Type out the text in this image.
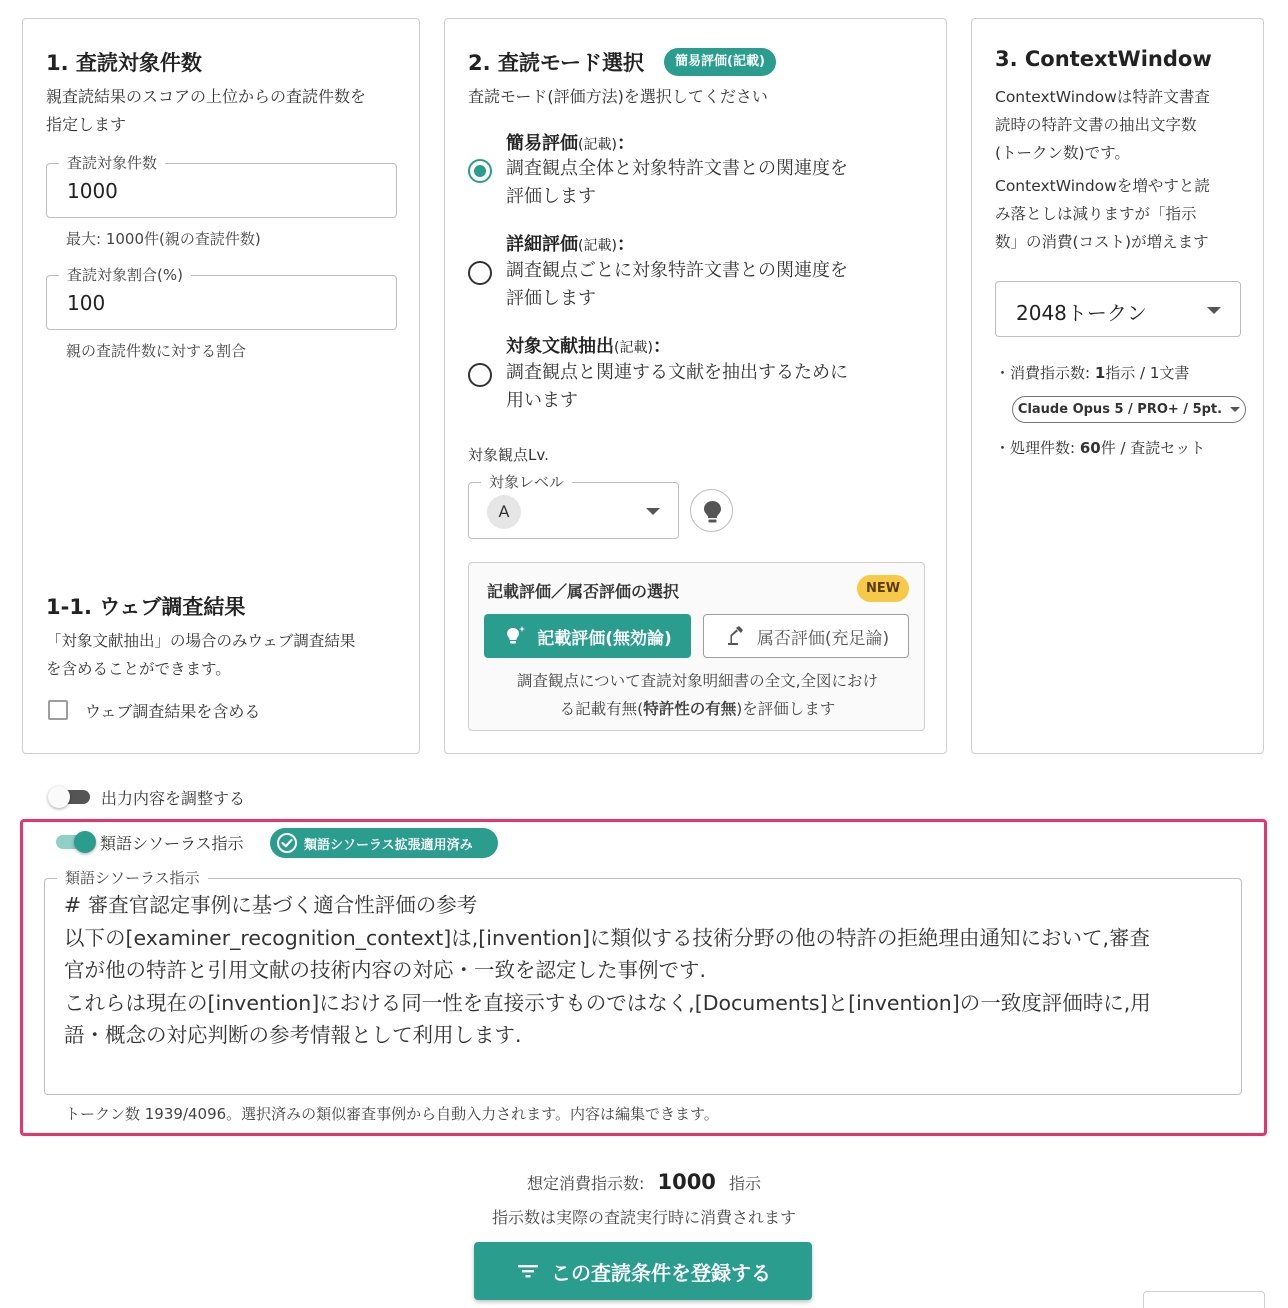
1. 査読対象件数
親査読結果のスコアの上位からの査読件数を
指定します
査読対象件数
1000
最大: 1000件(親の査読件数)
査読対象割合(%)
100
親の査読件数に対する割合
1-1. ウェブ調査結果
「対象文献抽出」の場合のみウェブ調査結果
を含めることができます。
ウェブ調査結果を含める
2. 査読モード選択	簡易評価(記載)
査読モード(評価方法)を選択してください
簡易評価(記載)：
調査観点全体と対象特許文書との関連度を
評価します
詳細評価(記載)：
調査観点ごとに対象特許文書との関連度を
評価します
対象文献抽出(記載)：
調査観点と関連する文献を抽出するために
用います
対象観点Lv.
対象レベル
A
記載評価／属否評価の選択	NEW
記載評価(無効論)	属否評価(充足論)
調査観点について査読対象明細書の全文,全図におけ
る記載有無(特許性の有無)を評価します
3. ContextWindow
ContextWindowは特許文書査
読時の特許文書の抽出文字数
(トークン数)です。
ContextWindowを増やすと読
み落としは減りますが「指示
数」の消費(コスト)が増えます
2048トークン
・消費指示数: 1指示 / 1文書
Claude Opus 5 / PRO+ / 5pt.
・処理件数: 60件 / 査読セット
出力内容を調整する
類語シソーラス指示	類語シソーラス拡張適用済み
類語シソーラス指示
# 審査官認定事例に基づく適合性評価の参考
以下の[examiner_recognition_context]は,[invention]に類似する技術分野の他の特許の拒絶理由通知において,審査
官が他の特許と引用文献の技術内容の対応・一致を認定した事例です.
これらは現在の[invention]における同一性を直接示すものではなく,[Documents]と[invention]の一致度評価時に,用
語・概念の対応判断の参考情報として利用します.
トークン数 1939/4096。選択済みの類似審査事例から自動入力されます。内容は編集できます。
想定消費指示数: 1000 指示
指示数は実際の査読実行時に消費されます
この査読条件を登録する
